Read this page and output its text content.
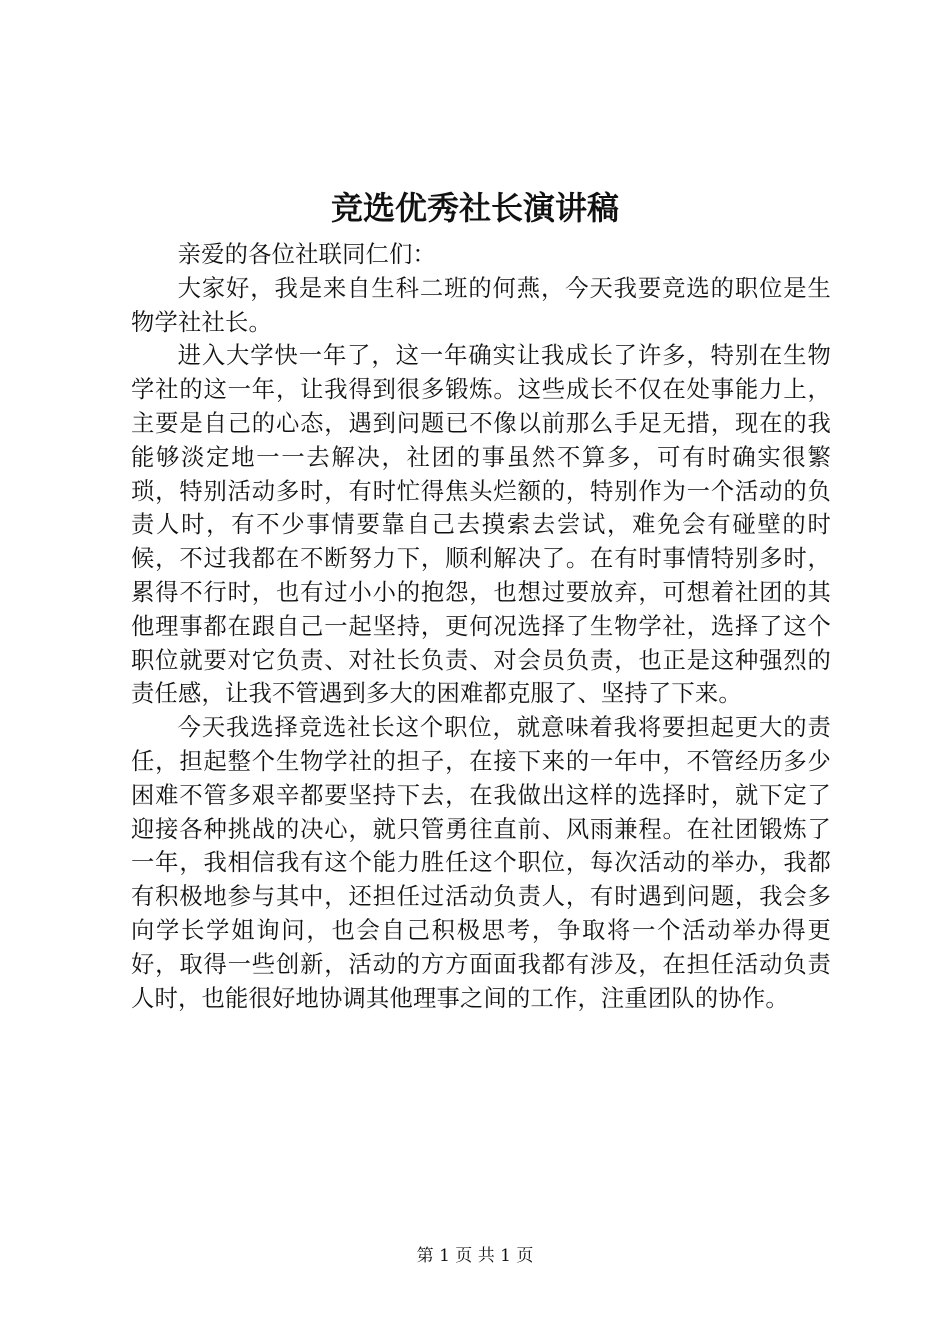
竞选优秀社长演讲稿

亲爱的各位社联同仁们：

大家好，我是来自生科二班的何燕，今天我要竞选的职位是生物学社社长。

进入大学快一年了，这一年确实让我成长了许多，特别在生物学社的这一年，让我得到很多锻炼。这些成长不仅在处事能力上，主要是自己的心态，遇到问题已不像以前那么手足无措，现在的我能够淡定地一一去解决，社团的事虽然不算多，可有时确实很繁琐，特别活动多时，有时忙得焦头烂额的，特别作为一个活动的负责人时，有不少事情要靠自己去摸索去尝试，难免会有碰壁的时候，不过我都在不断努力下，顺利解决了。在有时事情特别多时，累得不行时，也有过小小的抱怨，也想过要放弃，可想着社团的其他理事都在跟自己一起坚持，更何况选择了生物学社，选择了这个职位就要对它负责、对社长负责、对会员负责，也正是这种强烈的责任感，让我不管遇到多大的困难都克服了、坚持了下来。

今天我选择竞选社长这个职位，就意味着我将要担起更大的责任，担起整个生物学社的担子，在接下来的一年中，不管经历多少困难不管多艰辛都要坚持下去，在我做出这样的选择时，就下定了迎接各种挑战的决心，就只管勇往直前、风雨兼程。在社团锻炼了一年，我相信我有这个能力胜任这个职位，每次活动的举办，我都有积极地参与其中，还担任过活动负责人，有时遇到问题，我会多向学长学姐询问，也会自己积极思考，争取将一个活动举办得更好，取得一些创新，活动的方方面面我都有涉及，在担任活动负责人时，也能很好地协调其他理事之间的工作，注重团队的协作。

第 1 页 共 1 页
